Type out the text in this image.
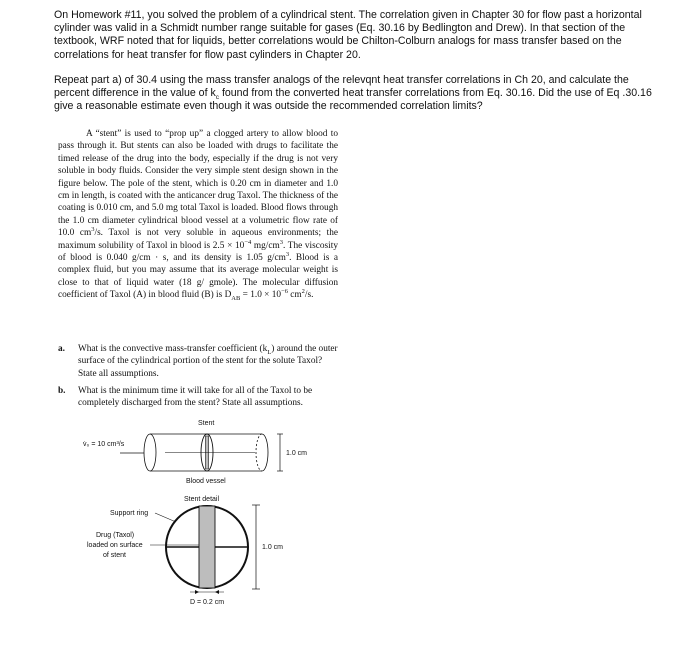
On Homework #11, you solved the problem of a cylindrical stent. The correlation given in Chapter 30 for flow past a horizontal cylinder was valid in a Schmidt number range suitable for gases (Eq. 30.16 by Bedlington and Drew). In that section of the textbook, WRF noted that for liquids, better correlations would be Chilton-Colburn analogs for mass transfer based on the correlations for heat transfer for flow past cylinders in Chapter 20.

Repeat part a) of 30.4 using the mass transfer analogs of the relevqnt heat transfer correlations in Ch 20, and calculate the percent difference in the value of $k_c$ found from the converted heat transfer correlations from Eq. 30.16. Did the use of Eq .30.16 give a reasonable estimate even though it was outside the recommended correlation limits?

A “stent” is used to “prop up” a clogged artery to allow blood to pass through it. But stents can also be loaded with drugs to facilitate the timed release of the drug into the body, especially if the drug is not very soluble in body fluids. Consider the very simple stent design shown in the figure below. The pole of the stent, which is 0.20 cm in diameter and 1.0 cm in length, is coated with the anticancer drug Taxol. The thickness of the coating is 0.010 cm, and 5.0 mg total Taxol is loaded. Blood flows through the 1.0 cm diameter cylindrical blood vessel at a volumetric flow rate of 10.0 $cm^3/s$. Taxol is not very soluble in aqueous environments; the maximum solubility of Taxol in blood is $2.5 \times 10^{-4}$ $mg/cm^3$. The viscosity of blood is 0.040 g/cm · s, and its density is 1.05 $g/cm^3$. Blood is a complex fluid, but you may assume that its average molecular weight is close to that of liquid water (18 g/ gmole). The molecular diffusion coefficient of Taxol (A) in blood fluid (B) is $D_{AB} = 1.0 \times 10^{-6}$ $cm^2/s$.

a. What is the convective mass-transfer coefficient $(k_L)$ around the outer surface of the cylindrical portion of the stent for the solute Taxol? State all assumptions.
b. What is the minimum time it will take for all of the Taxol to be completely discharged from the stent? State all assumptions.
Stent
v̇₀ = 10 cm³/s
1.0 cm
Blood vessel
Stent detail
Support ring
Drug (Taxol)
loaded on surface
of stent
1.0 cm
D = 0.2 cm
